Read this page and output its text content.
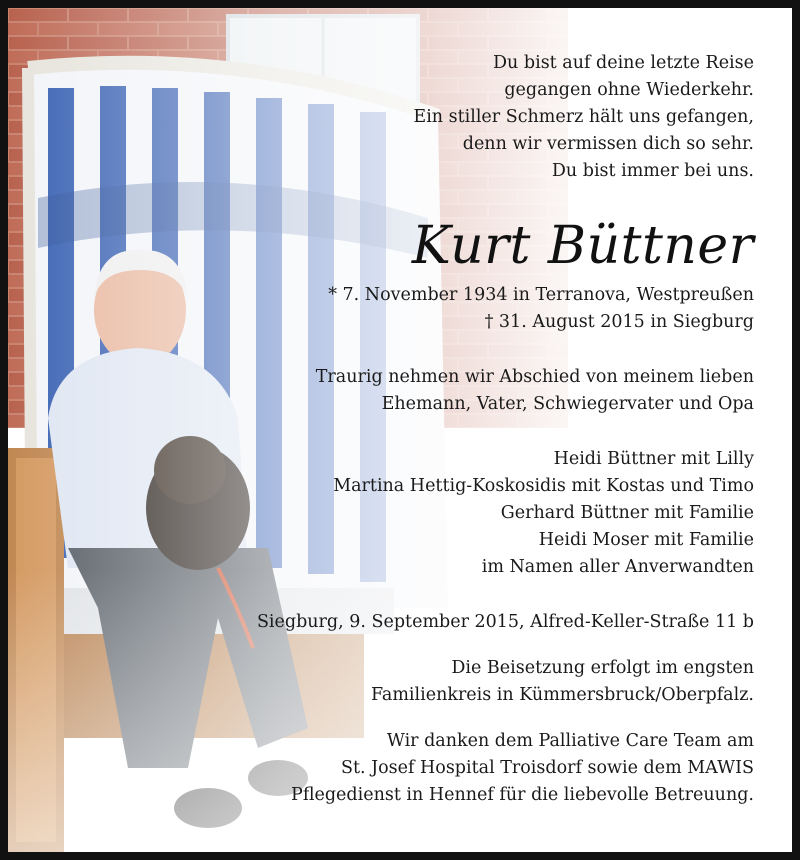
Du bist auf deine letzte Reise
gegangen ohne Wiederkehr.
Ein stiller Schmerz hält uns gefangen,
denn wir vermissen dich so sehr.
Du bist immer bei uns.
Kurt Büttner
* 7. November 1934 in Terranova, Westpreußen
† 31. August 2015 in Siegburg
Traurig nehmen wir Abschied von meinem lieben
Ehemann, Vater, Schwiegervater und Opa
Heidi Büttner mit Lilly
Martina Hettig-Koskosidis mit Kostas und Timo
Gerhard Büttner mit Familie
Heidi Moser mit Familie
im Namen aller Anverwandten
Siegburg, 9. September 2015, Alfred-Keller-Straße 11 b
Die Beisetzung erfolgt im engsten
Familienkreis in Kümmersbruck/Oberpfalz.
Wir danken dem Palliative Care Team am
St. Josef Hospital Troisdorf sowie dem MAWIS
Pflegedienst in Hennef für die liebevolle Betreuung.
